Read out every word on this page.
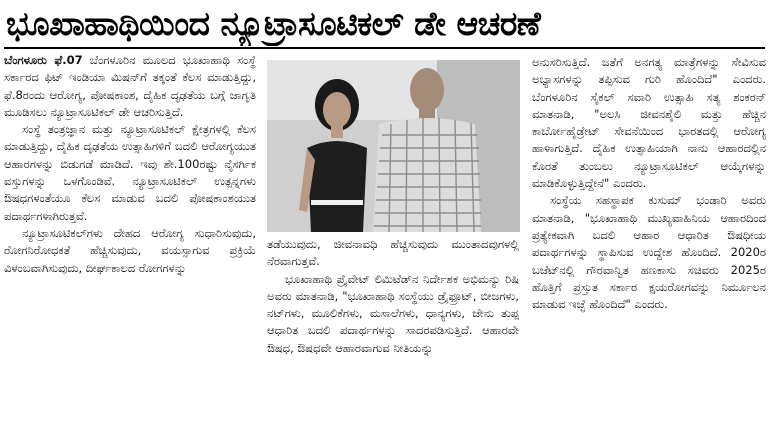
ಭೂಖಾಹಾಥಿಯಿಂದ ನ್ಯೂಟ್ರಾಸೂಟಿಕಲ್ ಡೇ ಆಚರಣೆ

ಬೆಂಗಳೂರು ಫೆ.07 ಬೆಂಗಳೂರಿನ ಮೂಲದ ಭೂಖಾಹಾಥಿ ಸಂಸ್ಥೆ ಸರ್ಕಾರದ ಫಿಟ್ ಇಂಡಿಯಾ ಮಿಷನ್‌ಗೆ ತಕ್ಕಂತೆ ಕೆಲಸ ಮಾಡುತ್ತಿದ್ದು, ಫೆ.8ರಂದು ಆರೋಗ್ಯ, ಪೋಷಕಾಂಶ, ದೈಹಿಕ ದೃಢತೆಯ ಬಗ್ಗೆ ಜಾಗೃತಿ ಮೂಡಿಸಲು ನ್ಯೂಟ್ರಾಸೂಟಿಕಲ್ ಡೇ ಆಚರಿಸುತ್ತಿದೆ.

ಸಂಸ್ಥೆ ತಂತ್ರಜ್ಞಾನ ಮತ್ತು ನ್ಯೂಟ್ರಾಸೂಟಿಕಲ್ ಕ್ಷೇತ್ರಗಳಲ್ಲಿ ಕೆಲಸ ಮಾಡುತ್ತಿದ್ದು, ದೈಹಿಕ ದೃಢತೆಯ ಉತ್ಸಾಹಿಗಳಿಗೆ ಬದಲಿ ಆರೋಗ್ಯಯುತ ಆಹಾರಗಳನ್ನು ಬಿಡುಗಡೆ ಮಾಡಿದೆ. ಇವು ಶೇ.100ರಷ್ಟು ನೈಸರ್ಗಿಕ ವಸ್ತುಗಳನ್ನು ಒಳಗೊಂಡಿವೆ. ನ್ಯೂಟ್ರಾಸೂಟಿಕಲ್ ಉತ್ಪನ್ನಗಳು ಔಷಧಗಳಂತೆಯೂ ಕೆಲಸ ಮಾಡುವ ಬದಲಿ ಪೋಷಕಾಂಶಯುತ ಪದಾರ್ಥಗಳಾಗಿರುತ್ತವೆ.

ನ್ಯೂಟ್ರಾಸೂಟಿಕಲ್‌ಗಳು ದೇಹದ ಆರೋಗ್ಯ ಸುಧಾರಿಸುವುದು, ರೋಗನಿರೋಧಕತೆ ಹೆಚ್ಚಿಸುವುದು, ವಯಸ್ಸಾಗುವ ಪ್ರಕ್ರಿಯೆ ವಿಳಂಬವಾಗಿಸುವುದು, ದೀರ್ಘಕಾಲದ ರೋಗಗಳನ್ನು

ತಡೆಯುವುದು, ಜೀವನಾವಧಿ ಹೆಚ್ಚಿಸುವುದು ಮುಂತಾದವುಗಳಲ್ಲಿ ನೆರವಾಗುತ್ತವೆ.

ಭೂಖಾಹಾಥಿ ಪ್ರೈವೇಟ್ ಲಿಮಿಟೆಡ್‌ನ ನಿರ್ದೇಶಕ ಅಭಿಮನ್ಯು ರಿಷಿ ಅವರು ಮಾತನಾಡಿ, "ಭೂಖಾಹಾಥಿ ಸಂಸ್ಥೆಯು ಡ್ರೈಫ್ರೂಟ್, ಬೀಜಗಳು, ನಟ್‌ಗಳು, ಮೂಲಿಕೆಗಳು, ಮಸಾಲೆಗಳು, ಧಾನ್ಯಗಳು, ಜೇನು ತುಪ್ಪ ಆಧಾರಿತ ಬದಲಿ ಪದಾರ್ಥಗಳನ್ನು ಸಾದರಪಡಿಸುತ್ತಿದೆ. ಆಹಾರವೇ ಔಷಧ, ಔಷಧವೇ ಆಹಾರವಾಗುವ ನೀತಿಯನ್ನು

ಅನುಸರಿಸುತ್ತಿದೆ. ಜತೆಗೆ ಅನಗತ್ಯ ಮಾತ್ರೆಗಳನ್ನು ಸೇವಿಸುವ ಅಭ್ಯಾಸಗಳನ್ನು ತಪ್ಪಿಸುವ ಗುರಿ ಹೊಂದಿದೆ" ಎಂದರು. ಬೆಂಗಳೂರಿನ ಸೈಕಲ್ ಸವಾರಿ ಉತ್ಸಾಹಿ ಸತ್ಯ ಶಂಕರನ್ ಮಾತನಾಡಿ, "ಅಲಸಿ ಜೀವನಶೈಲಿ ಮತ್ತು ಹೆಚ್ಚಿನ ಕಾರ್ಬೋಹೈಡ್ರೇಟ್ ಸೇವನೆಯಿಂದ ಭಾರತದಲ್ಲಿ ಆರೋಗ್ಯ ಹಾಳಾಗುತ್ತಿದೆ. ದೈಹಿಕ ಉತ್ಸಾಹಿಯಾಗಿ ನಾನು ಆಹಾರದಲ್ಲಿನ ಕೊರತೆ ತುಂಬಲು ನ್ಯೂಟ್ರಾಸೂಟಿಕಲ್ ಆಯ್ಕೆಗಳನ್ನು ಮಾಡಿಕೊಳ್ಳುತ್ತಿದ್ದೇನೆ" ಎಂದರು.

ಸಂಸ್ಥೆಯ ಸಹಸ್ಥಾಪಕ ಕುಸುಮ್ ಭಂಡಾರಿ ಅವರು ಮಾತನಾಡಿ, "ಭೂಖಾಹಾಥಿ ಮುಖ್ಯವಾಹಿನಿಯ ಆಹಾರದಿಂದ ಪ್ರತ್ಯೇಕವಾಗಿ ಬದಲಿ ಆಹಾರ ಆಧಾರಿತ ಔಷಧೀಯ ಪದಾರ್ಥಗಳನ್ನು ಸ್ಥಾಪಿಸುವ ಉದ್ದೇಶ ಹೊಂದಿದೆ. 2020ರ ಬಜೆಟ್‌ನಲ್ಲಿ ಗೌರವಾನ್ವಿತ ಹಣಕಾಸು ಸಚಿವರು 2025ರ ಹೊತ್ತಿಗೆ ಪ್ರಸ್ತುತ ಸರ್ಕಾರ ಕ್ಷಯರೋಗವನ್ನು ನಿರ್ಮೂಲನ ಮಾಡುವ ಇಚ್ಛೆ ಹೊಂದಿದೆ" ಎಂದರು.
